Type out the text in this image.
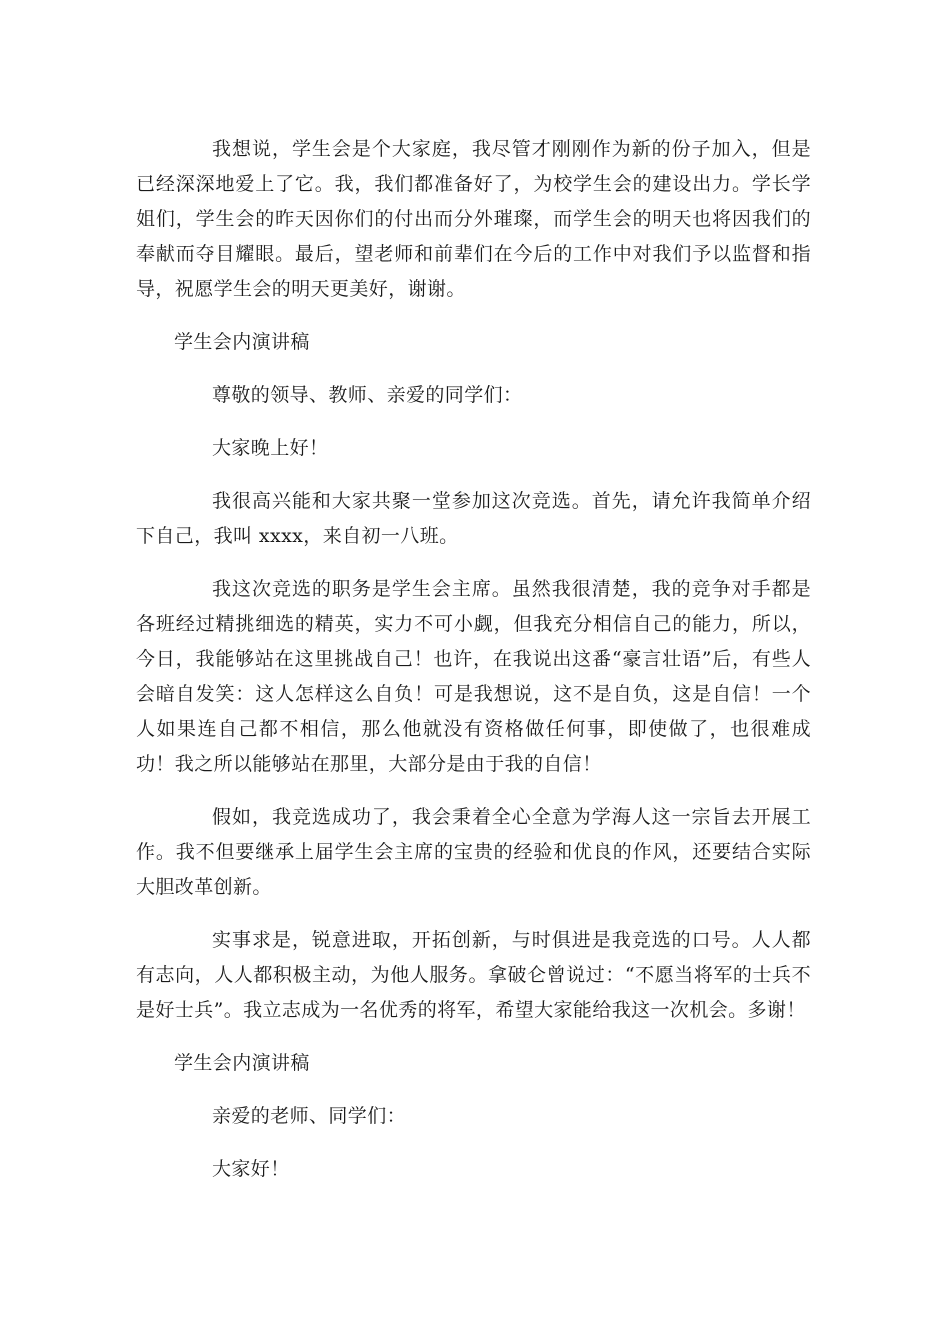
我想说，学生会是个大家庭，我尽管才刚刚作为新的份子加入，但是已经深深地爱上了它。我，我们都准备好了，为校学生会的建设出力。学长学姐们，学生会的昨天因你们的付出而分外璀璨，而学生会的明天也将因我们的奉献而夺目耀眼。最后，望老师和前辈们在今后的工作中对我们予以监督和指导，祝愿学生会的明天更美好，谢谢。

学生会内演讲稿

尊敬的领导、教师、亲爱的同学们：

大家晚上好！

我很高兴能和大家共聚一堂参加这次竞选。首先，请允许我简单介绍下自己，我叫 xxxx，来自初一八班。

我这次竞选的职务是学生会主席。虽然我很清楚，我的竞争对手都是各班经过精挑细选的精英，实力不可小觑，但我充分相信自己的能力，所以，今日，我能够站在这里挑战自己！也许，在我说出这番“豪言壮语”后，有些人会暗自发笑：这人怎样这么自负！可是我想说，这不是自负，这是自信！一个人如果连自己都不相信，那么他就没有资格做任何事，即使做了，也很难成功！我之所以能够站在那里，大部分是由于我的自信！

假如，我竞选成功了，我会秉着全心全意为学海人这一宗旨去开展工作。我不但要继承上届学生会主席的宝贵的经验和优良的作风，还要结合实际大胆改革创新。

实事求是，锐意进取，开拓创新，与时俱进是我竞选的口号。人人都有志向，人人都积极主动，为他人服务。拿破仑曾说过：“不愿当将军的士兵不是好士兵”。我立志成为一名优秀的将军，希望大家能给我这一次机会。多谢！

学生会内演讲稿

亲爱的老师、同学们：

大家好！
